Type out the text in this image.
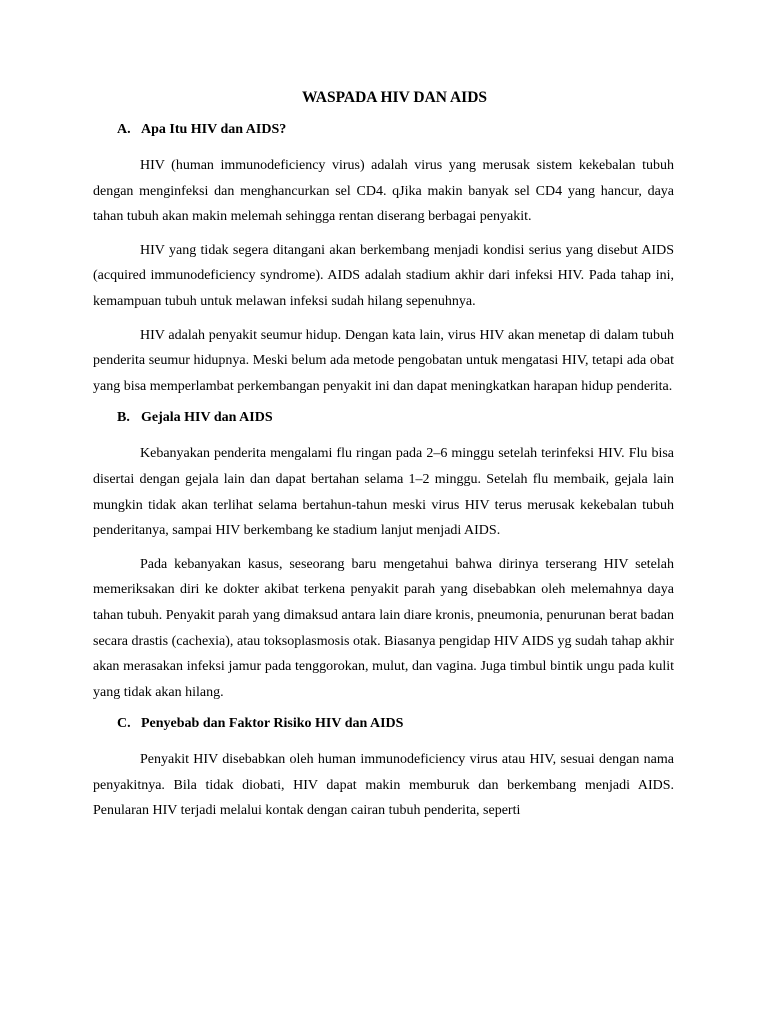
WASPADA HIV DAN AIDS
A. Apa Itu HIV dan AIDS?

HIV (human immunodeficiency virus) adalah virus yang merusak sistem kekebalan tubuh dengan menginfeksi dan menghancurkan sel CD4. qJika makin banyak sel CD4 yang hancur, daya tahan tubuh akan makin melemah sehingga rentan diserang berbagai penyakit.

HIV yang tidak segera ditangani akan berkembang menjadi kondisi serius yang disebut AIDS (acquired immunodeficiency syndrome). AIDS adalah stadium akhir dari infeksi HIV. Pada tahap ini, kemampuan tubuh untuk melawan infeksi sudah hilang sepenuhnya.

HIV adalah penyakit seumur hidup. Dengan kata lain, virus HIV akan menetap di dalam tubuh penderita seumur hidupnya. Meski belum ada metode pengobatan untuk mengatasi HIV, tetapi ada obat yang bisa memperlambat perkembangan penyakit ini dan dapat meningkatkan harapan hidup penderita.

B. Gejala HIV dan AIDS

Kebanyakan penderita mengalami flu ringan pada 2–6 minggu setelah terinfeksi HIV. Flu bisa disertai dengan gejala lain dan dapat bertahan selama 1–2 minggu. Setelah flu membaik, gejala lain mungkin tidak akan terlihat selama bertahun-tahun meski virus HIV terus merusak kekebalan tubuh penderitanya, sampai HIV berkembang ke stadium lanjut menjadi AIDS.

Pada kebanyakan kasus, seseorang baru mengetahui bahwa dirinya terserang HIV setelah memeriksakan diri ke dokter akibat terkena penyakit parah yang disebabkan oleh melemahnya daya tahan tubuh. Penyakit parah yang dimaksud antara lain diare kronis, pneumonia, penurunan berat badan secara drastis (cachexia), atau toksoplasmosis otak. Biasanya pengidap HIV AIDS yg sudah tahap akhir akan merasakan infeksi jamur pada tenggorokan, mulut, dan vagina. Juga timbul bintik ungu pada kulit yang tidak akan hilang.

C. Penyebab dan Faktor Risiko HIV dan AIDS

Penyakit HIV disebabkan oleh human immunodeficiency virus atau HIV, sesuai dengan nama penyakitnya. Bila tidak diobati, HIV dapat makin memburuk dan berkembang menjadi AIDS. Penularan HIV terjadi melalui kontak dengan cairan tubuh penderita, seperti
